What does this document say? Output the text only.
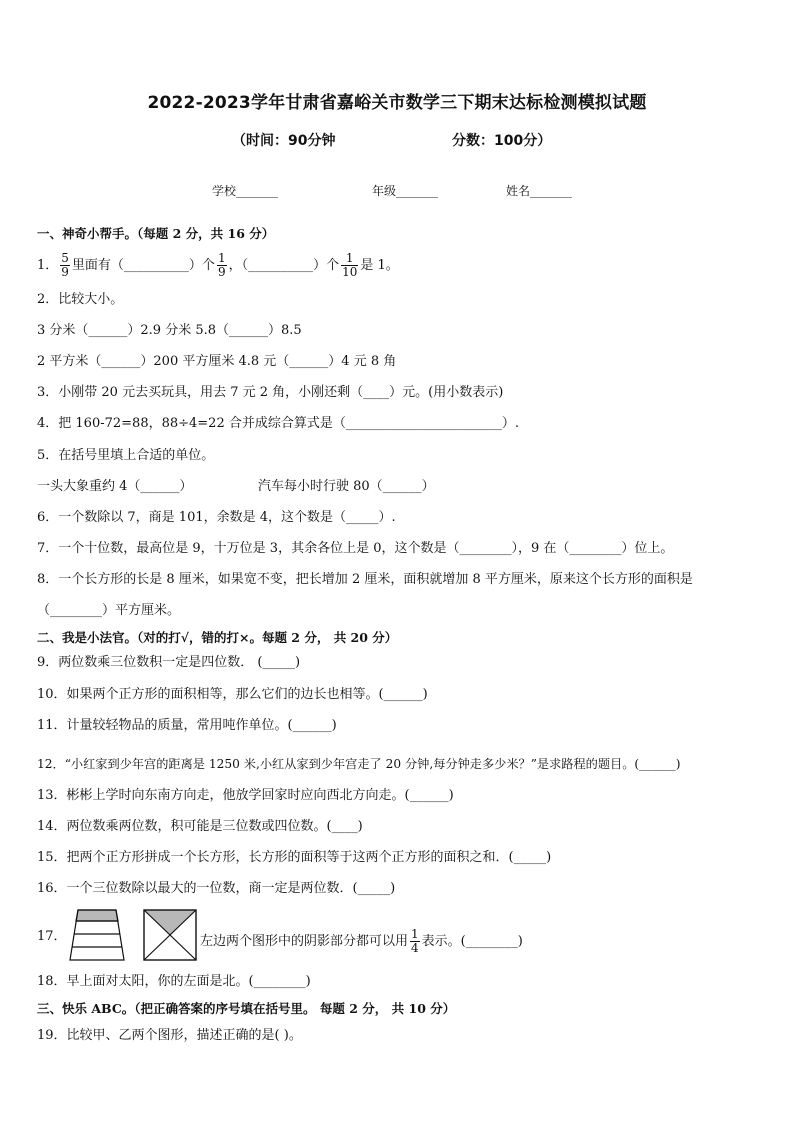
2022-2023学年甘肃省嘉峪关市数学三下期末达标检测模拟试题
（时间：90分钟	分数：100分）
学校_______	年级_______	姓名_______
一、神奇小帮手。（每题 2 分，共 16 分）
1． $\frac{5}{9}$ 里面有（__________）个 $\frac{1}{9}$ ，（__________）个 $\frac{1}{10}$ 是 1。
2．比较大小。
3 分米（______）2.9 分米 5.8（______）8.5
2 平方米（______）200 平方厘米 4.8 元（______）4 元 8 角
3．小刚带 20 元去买玩具，用去 7 元 2 角，小刚还剩（____）元。(用小数表示)
4．把 160-72=88，88÷4=22 合并成综合算式是（________________________）.
5．在括号里填上合适的单位。
一头大象重约 4（______）	汽车每小时行驶 80（______）
6．一个数除以 7，商是 101，余数是 4，这个数是（_____）.
7．一个十位数，最高位是 9，十万位是 3，其余各位上是 0，这个数是（________），9 在（________）位上。
8．一个长方形的长是 8 厘米，如果宽不变，把长增加 2 厘米，面积就增加 8 平方厘米，原来这个长方形的面积是
（________）平方厘米。
二、我是小法官。（对的打√，错的打×。每题 2 分， 共 20 分）
9．两位数乘三位数积一定是四位数． (_____)
10．如果两个正方形的面积相等，那么它们的边长也相等。(______)
11．计量较轻物品的质量，常用吨作单位。(______)
12．“小红家到少年宫的距离是 1250 米,小红从家到少年宫走了 20 分钟,每分钟走多少米？”是求路程的题目。(______)
13．彬彬上学时向东南方向走，他放学回家时应向西北方向走。(______)
14．两位数乘两位数，积可能是三位数或四位数。(____)
15．把两个正方形拼成一个长方形，长方形的面积等于这两个正方形的面积之和．(_____)
16．一个三位数除以最大的一位数，商一定是两位数．(_____)
17．	左边两个图形中的阴影部分都可以用 $\frac{1}{4}$ 表示。(________)
18．早上面对太阳，你的左面是北。(________)
三、快乐 ABC。（把正确答案的序号填在括号里。 每题 2 分， 共 10 分）
19．比较甲、乙两个图形，描述正确的是( )。
